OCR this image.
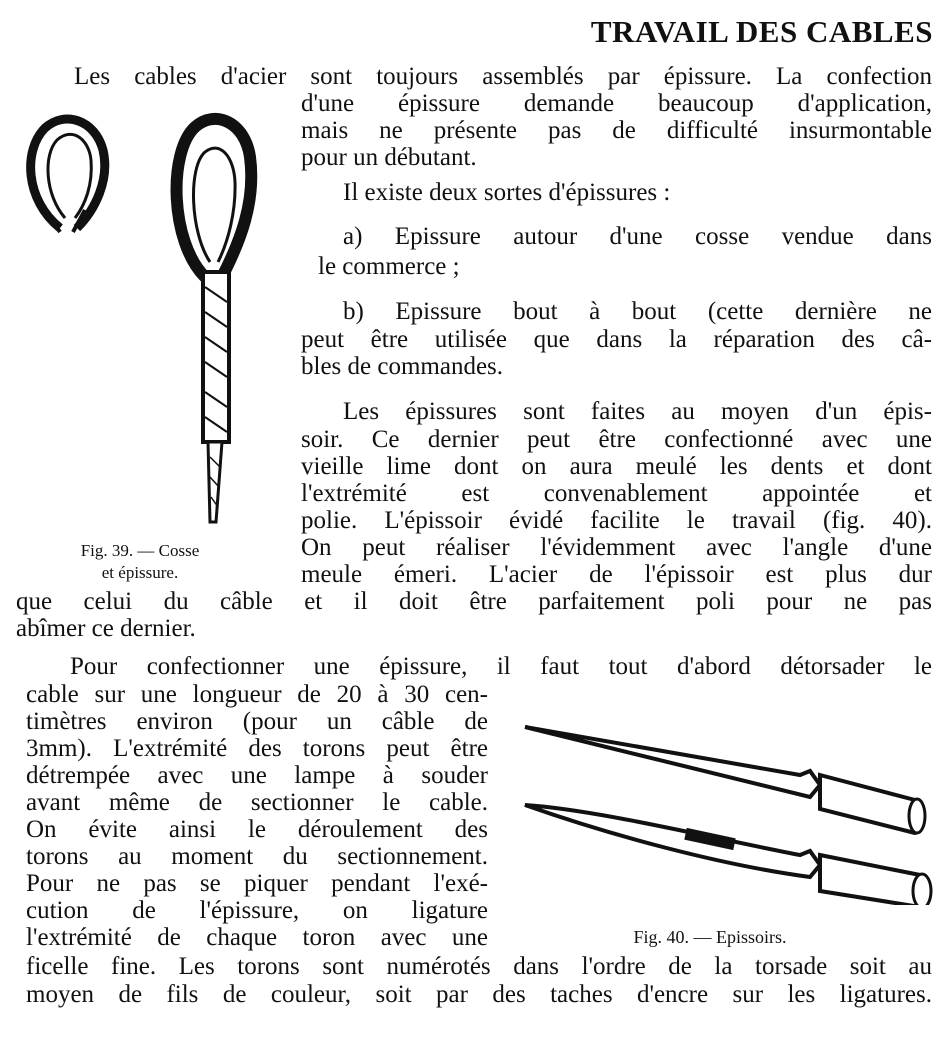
TRAVAIL DES CABLES
Les cables d'acier sont toujours assemblés par épissure. La confection
d'une épissure demande beaucoup d'application,
mais ne présente pas de difficulté insurmontable
pour un débutant.
Il existe deux sortes d'épissures :
a) Epissure autour d'une cosse vendue dans
le commerce ;
b) Epissure bout à bout (cette dernière ne
peut être utilisée que dans la réparation des câ-
bles de commandes.
Les épissures sont faites au moyen d'un épis-
soir. Ce dernier peut être confectionné avec une
vieille lime dont on aura meulé les dents et dont
l'extrémité est convenablement appointée et
polie. L'épissoir évidé facilite le travail (fig. 40).
On peut réaliser l'évidemment avec l'angle d'une
meule émeri. L'acier de l'épissoir est plus dur
que celui du câble et il doit être parfaitement poli pour ne pas
abîmer ce dernier.
Pour confectionner une épissure, il faut tout d'abord détorsader le
cable sur une longueur de 20 à 30 cen-
timètres environ (pour un câble de
3mm). L'extrémité des torons peut être
détrempée avec une lampe à souder
avant même de sectionner le cable.
On évite ainsi le déroulement des
torons au moment du sectionnement.
Pour ne pas se piquer pendant l'exé-
cution de l'épissure, on ligature
l'extrémité de chaque toron avec une
ficelle fine. Les torons sont numérotés dans l'ordre de la torsade soit au
moyen de fils de couleur, soit par des taches d'encre sur les ligatures.
Fig. 39. — Cosse
et épissure.
Fig. 40. — Epissoirs.
